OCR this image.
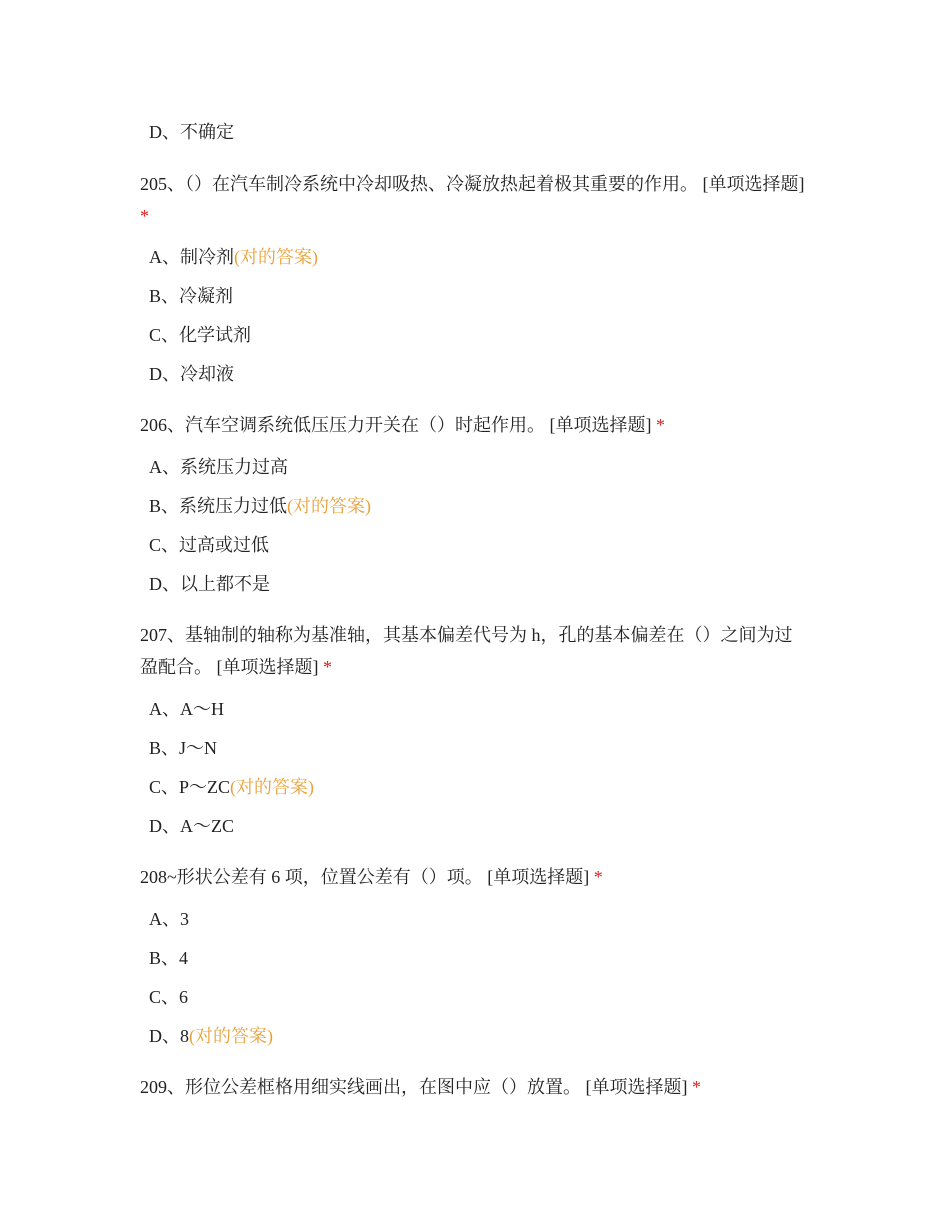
D、不确定
205、（）在汽车制冷系统中冷却吸热、冷凝放热起着极其重要的作用。 [单项选择题] *
A、制冷剂(对的答案)
B、冷凝剂
C、化学试剂
D、冷却液
206、汽车空调系统低压压力开关在（）时起作用。 [单项选择题] *
A、系统压力过高
B、系统压力过低(对的答案)
C、过高或过低
D、以上都不是
207、基轴制的轴称为基准轴，其基本偏差代号为 h，孔的基本偏差在（）之间为过盈配合。 [单项选择题] *
A、A～H
B、J～N
C、P～ZC(对的答案)
D、A～ZC
208~形状公差有 6 项，位置公差有（）项。 [单项选择题] *
A、3
B、4
C、6
D、8(对的答案)
209、形位公差框格用细实线画出，在图中应（）放置。 [单项选择题] *
